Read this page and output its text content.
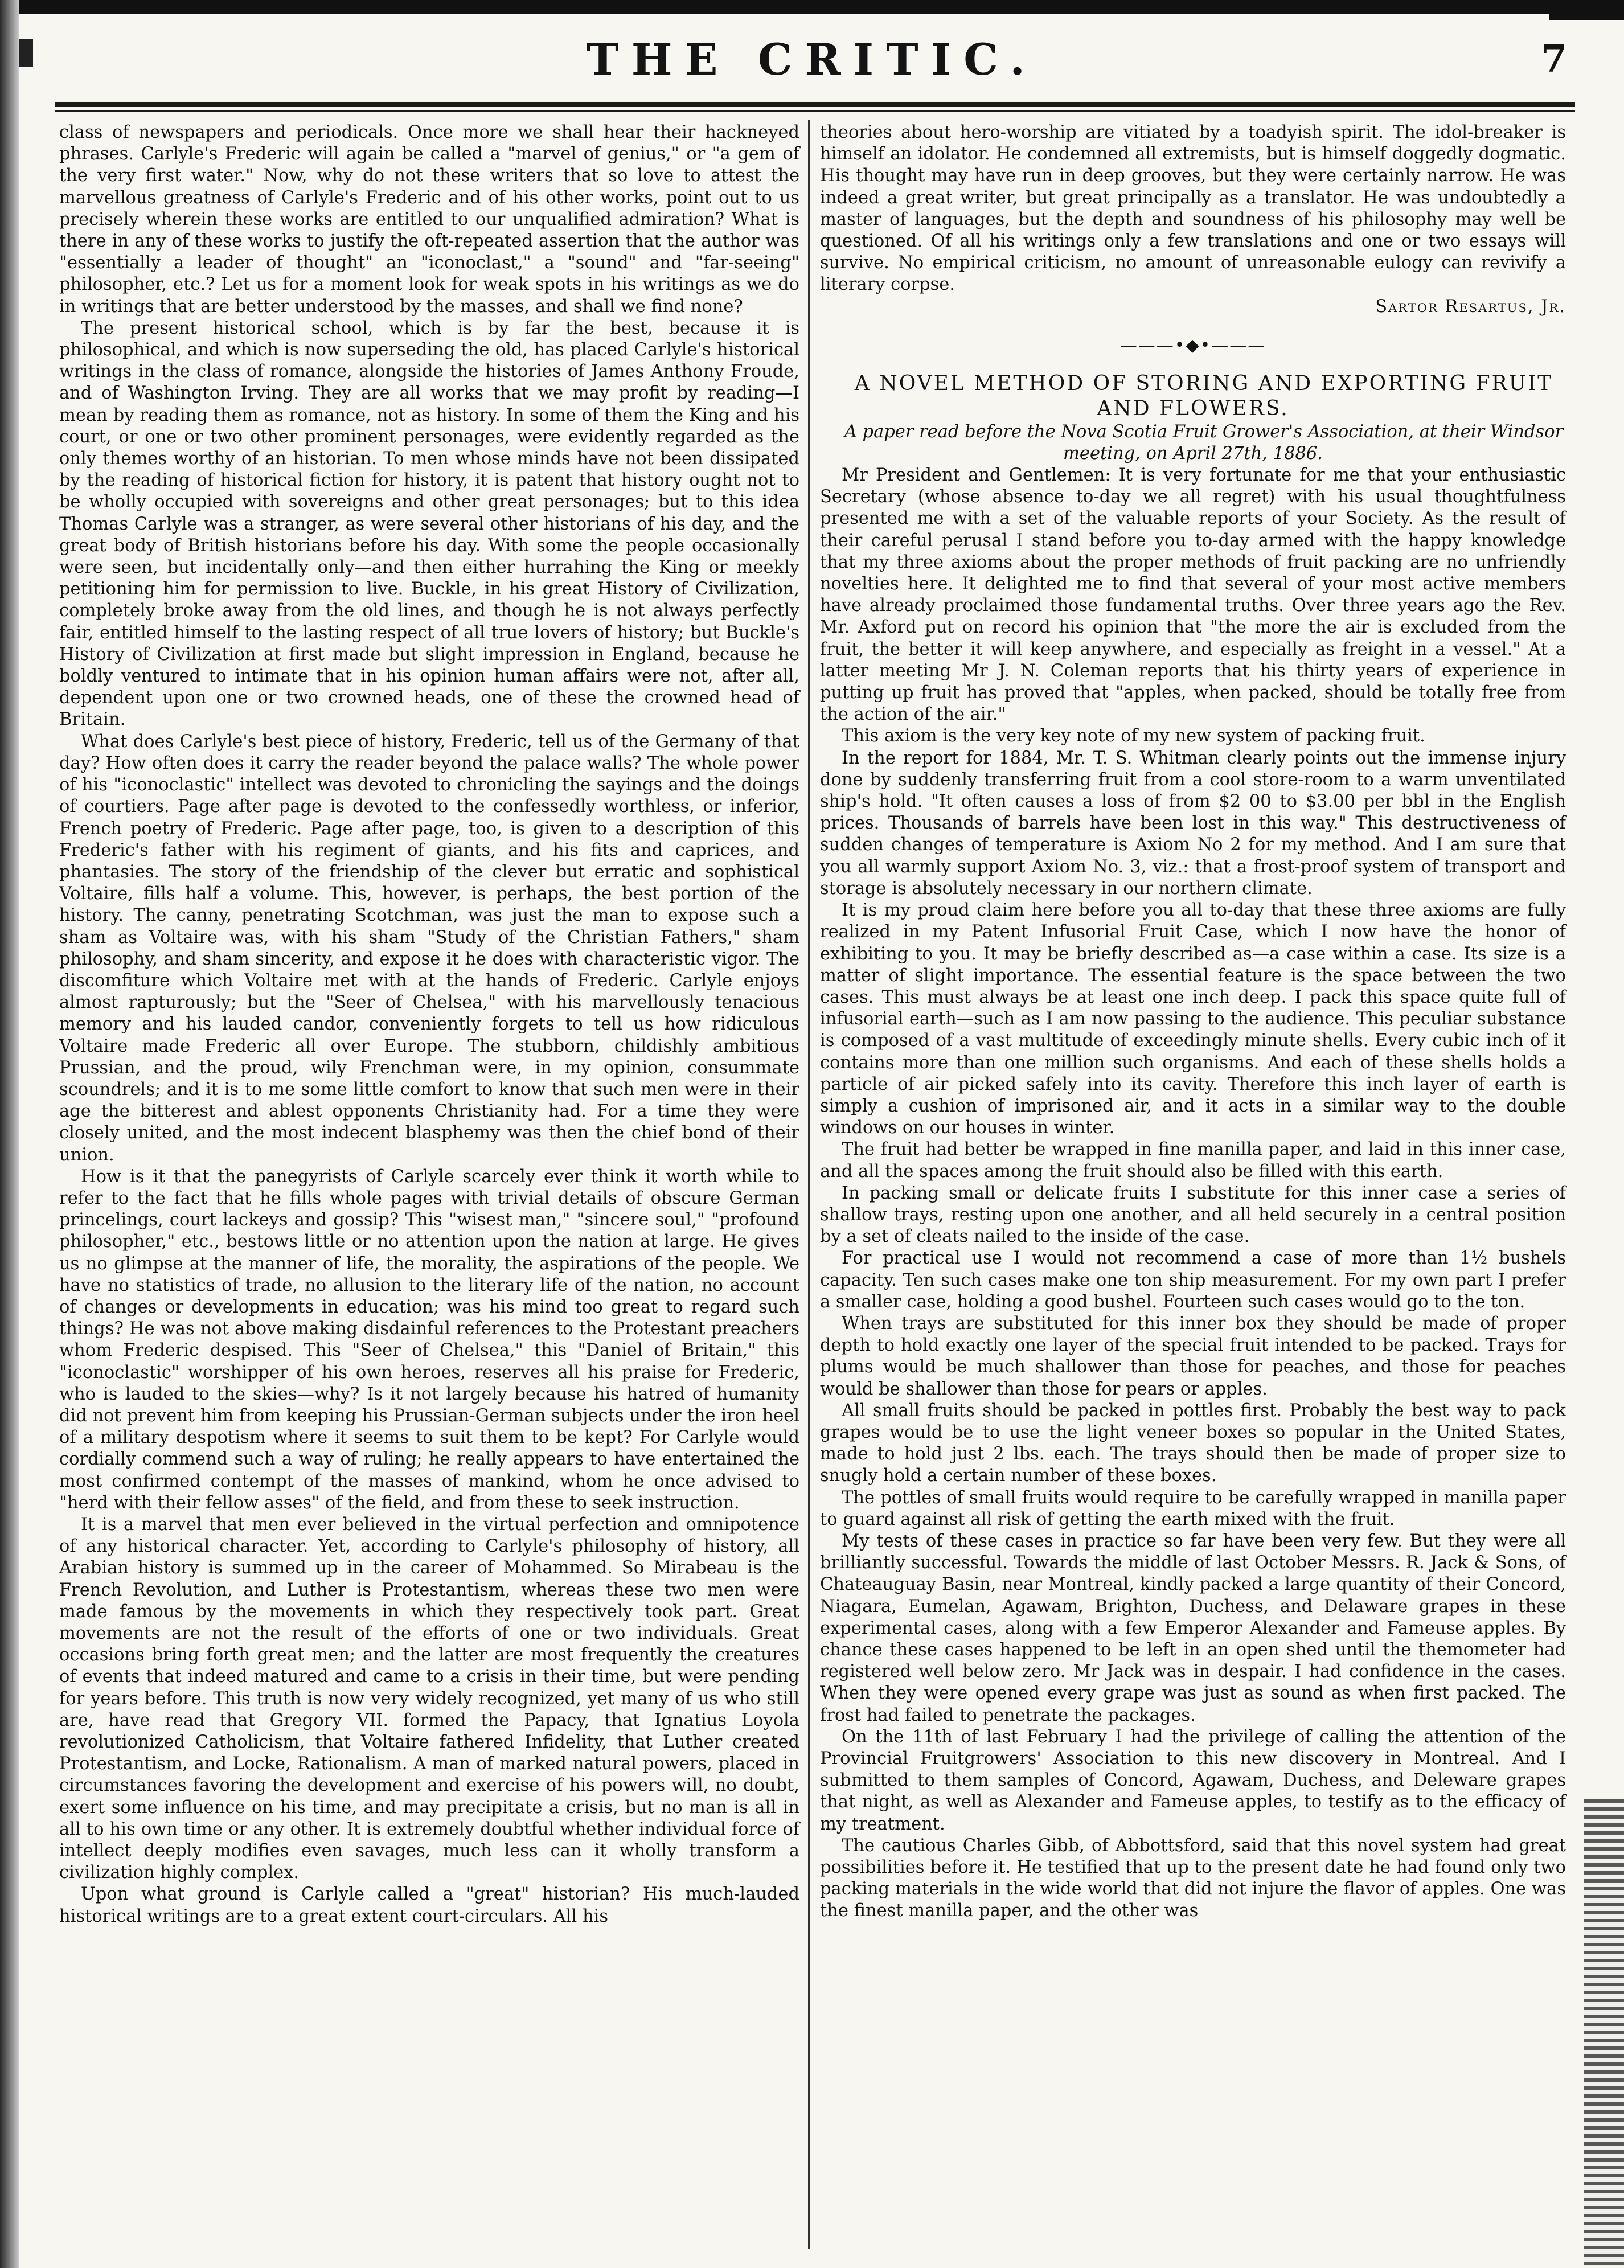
THE CRITIC.	7

class of newspapers and periodicals. Once more we shall hear their hackneyed phrases. Carlyle's Frederic will again be called a "marvel of genius," or "a gem of the very first water." Now, why do not these writers that so love to attest the marvellous greatness of Carlyle's Frederic and of his other works, point out to us precisely wherein these works are entitled to our unqualified admiration? What is there in any of these works to justify the oft-repeated assertion that the author was "essentially a leader of thought" an "iconoclast," a "sound" and "far-seeing" philosopher, etc.? Let us for a moment look for weak spots in his writings as we do in writings that are better understood by the masses, and shall we find none?

The present historical school, which is by far the best, because it is philosophical, and which is now superseding the old, has placed Carlyle's historical writings in the class of romance, alongside the histories of James Anthony Froude, and of Washington Irving. They are all works that we may profit by reading—I mean by reading them as romance, not as history. In some of them the King and his court, or one or two other prominent personages, were evidently regarded as the only themes worthy of an historian. To men whose minds have not been dissipated by the reading of historical fiction for history, it is patent that history ought not to be wholly occupied with sovereigns and other great personages; but to this idea Thomas Carlyle was a stranger, as were several other historians of his day, and the great body of British historians before his day. With some the people occasionally were seen, but incidentally only—and then either hurrahing the King or meekly petitioning him for permission to live. Buckle, in his great History of Civilization, completely broke away from the old lines, and though he is not always perfectly fair, entitled himself to the lasting respect of all true lovers of history; but Buckle's History of Civilization at first made but slight impression in England, because he boldly ventured to intimate that in his opinion human affairs were not, after all, dependent upon one or two crowned heads, one of these the crowned head of Britain.

What does Carlyle's best piece of history, Frederic, tell us of the Germany of that day? How often does it carry the reader beyond the palace walls? The whole power of his "iconoclastic" intellect was devoted to chronicling the sayings and the doings of courtiers. Page after page is devoted to the confessedly worthless, or inferior, French poetry of Frederic. Page after page, too, is given to a description of this Frederic's father with his regiment of giants, and his fits and caprices, and phantasies. The story of the friendship of the clever but erratic and sophistical Voltaire, fills half a volume. This, however, is perhaps, the best portion of the history. The canny, penetrating Scotchman, was just the man to expose such a sham as Voltaire was, with his sham "Study of the Christian Fathers," sham philosophy, and sham sincerity, and expose it he does with characteristic vigor. The discomfiture which Voltaire met with at the hands of Frederic. Carlyle enjoys almost rapturously; but the "Seer of Chelsea," with his marvellously tenacious memory and his lauded candor, conveniently forgets to tell us how ridiculous Voltaire made Frederic all over Europe. The stubborn, childishly ambitious Prussian, and the proud, wily Frenchman were, in my opinion, consummate scoundrels; and it is to me some little comfort to know that such men were in their age the bitterest and ablest opponents Christianity had. For a time they were closely united, and the most indecent blasphemy was then the chief bond of their union.

How is it that the panegyrists of Carlyle scarcely ever think it worth while to refer to the fact that he fills whole pages with trivial details of obscure German princelings, court lackeys and gossip? This "wisest man," "sincere soul," "profound philosopher," etc., bestows little or no attention upon the nation at large. He gives us no glimpse at the manner of life, the morality, the aspirations of the people. We have no statistics of trade, no allusion to the literary life of the nation, no account of changes or developments in education; was his mind too great to regard such things? He was not above making disdainful references to the Protestant preachers whom Frederic despised. This "Seer of Chelsea," this "Daniel of Britain," this "iconoclastic" worshipper of his own heroes, reserves all his praise for Frederic, who is lauded to the skies—why? Is it not largely because his hatred of humanity did not prevent him from keeping his Prussian-German subjects under the iron heel of a military despotism where it seems to suit them to be kept? For Carlyle would cordially commend such a way of ruling; he really appears to have entertained the most confirmed contempt of the masses of mankind, whom he once advised to "herd with their fellow asses" of the field, and from these to seek instruction.

It is a marvel that men ever believed in the virtual perfection and omnipotence of any historical character. Yet, according to Carlyle's philosophy of history, all Arabian history is summed up in the career of Mohammed. So Mirabeau is the French Revolution, and Luther is Protestantism, whereas these two men were made famous by the movements in which they respectively took part. Great movements are not the result of the efforts of one or two individuals. Great occasions bring forth great men; and the latter are most frequently the creatures of events that indeed matured and came to a crisis in their time, but were pending for years before. This truth is now very widely recognized, yet many of us who still are, have read that Gregory VII. formed the Papacy, that Ignatius Loyola revolutionized Catholicism, that Voltaire fathered Infidelity, that Luther created Protestantism, and Locke, Rationalism. A man of marked natural powers, placed in circumstances favoring the development and exercise of his powers will, no doubt, exert some influence on his time, and may precipitate a crisis, but no man is all in all to his own time or any other. It is extremely doubtful whether individual force of intellect deeply modifies even savages, much less can it wholly transform a civilization highly complex.

Upon what ground is Carlyle called a "great" historian? His much-lauded historical writings are to a great extent court-circulars. All his

theories about hero-worship are vitiated by a toadyish spirit. The idol-breaker is himself an idolator. He condemned all extremists, but is himself doggedly dogmatic. His thought may have run in deep grooves, but they were certainly narrow. He was indeed a great writer, but great principally as a translator. He was undoubtedly a master of languages, but the depth and soundness of his philosophy may well be questioned. Of all his writings only a few translations and one or two essays will survive. No empirical criticism, no amount of unreasonable eulogy can revivify a literary corpse.

Sartor Resartus, Jr.

———•◆•———

A NOVEL METHOD OF STORING AND EXPORTING FRUIT AND FLOWERS.

A paper read before the Nova Scotia Fruit Grower's Association, at their Windsor meeting, on April 27th, 1886.

Mr President and Gentlemen: It is very fortunate for me that your enthusiastic Secretary (whose absence to-day we all regret) with his usual thoughtfulness presented me with a set of the valuable reports of your Society. As the result of their careful perusal I stand before you to-day armed with the happy knowledge that my three axioms about the proper methods of fruit packing are no unfriendly novelties here. It delighted me to find that several of your most active members have already proclaimed those fundamental truths. Over three years ago the Rev. Mr. Axford put on record his opinion that "the more the air is excluded from the fruit, the better it will keep anywhere, and especially as freight in a vessel." At a latter meeting Mr J. N. Coleman reports that his thirty years of experience in putting up fruit has proved that "apples, when packed, should be totally free from the action of the air."

This axiom is the very key note of my new system of packing fruit.

In the report for 1884, Mr. T. S. Whitman clearly points out the immense injury done by suddenly transferring fruit from a cool store-room to a warm unventilated ship's hold. "It often causes a loss of from $2 00 to $3.00 per bbl in the English prices. Thousands of barrels have been lost in this way." This destructiveness of sudden changes of temperature is Axiom No 2 for my method. And I am sure that you all warmly support Axiom No. 3, viz.: that a frost-proof system of transport and storage is absolutely necessary in our northern climate.

It is my proud claim here before you all to-day that these three axioms are fully realized in my Patent Infusorial Fruit Case, which I now have the honor of exhibiting to you. It may be briefly described as—a case within a case. Its size is a matter of slight importance. The essential feature is the space between the two cases. This must always be at least one inch deep. I pack this space quite full of infusorial earth—such as I am now passing to the audience. This peculiar substance is composed of a vast multitude of exceedingly minute shells. Every cubic inch of it contains more than one million such organisms. And each of these shells holds a particle of air picked safely into its cavity. Therefore this inch layer of earth is simply a cushion of imprisoned air, and it acts in a similar way to the double windows on our houses in winter.

The fruit had better be wrapped in fine manilla paper, and laid in this inner case, and all the spaces among the fruit should also be filled with this earth.

In packing small or delicate fruits I substitute for this inner case a series of shallow trays, resting upon one another, and all held securely in a central position by a set of cleats nailed to the inside of the case.

For practical use I would not recommend a case of more than 1½ bushels capacity. Ten such cases make one ton ship measurement. For my own part I prefer a smaller case, holding a good bushel. Fourteen such cases would go to the ton.

When trays are substituted for this inner box they should be made of proper depth to hold exactly one layer of the special fruit intended to be packed. Trays for plums would be much shallower than those for peaches, and those for peaches would be shallower than those for pears or apples.

All small fruits should be packed in pottles first. Probably the best way to pack grapes would be to use the light veneer boxes so popular in the United States, made to hold just 2 lbs. each. The trays should then be made of proper size to snugly hold a certain number of these boxes.

The pottles of small fruits would require to be carefully wrapped in manilla paper to guard against all risk of getting the earth mixed with the fruit.

My tests of these cases in practice so far have been very few. But they were all brilliantly successful. Towards the middle of last October Messrs. R. Jack & Sons, of Chateauguay Basin, near Montreal, kindly packed a large quantity of their Concord, Niagara, Eumelan, Agawam, Brighton, Duchess, and Delaware grapes in these experimental cases, along with a few Emperor Alexander and Fameuse apples. By chance these cases happened to be left in an open shed until the themometer had registered well below zero. Mr Jack was in despair. I had confidence in the cases. When they were opened every grape was just as sound as when first packed. The frost had failed to penetrate the packages.

On the 11th of last February I had the privilege of calling the attention of the Provincial Fruitgrowers' Association to this new discovery in Montreal. And I submitted to them samples of Concord, Agawam, Duchess, and Deleware grapes that night, as well as Alexander and Fameuse apples, to testify as to the efficacy of my treatment.

The cautious Charles Gibb, of Abbottsford, said that this novel system had great possibilities before it. He testified that up to the present date he had found only two packing materials in the wide world that did not injure the flavor of apples. One was the finest manilla paper, and the other was
